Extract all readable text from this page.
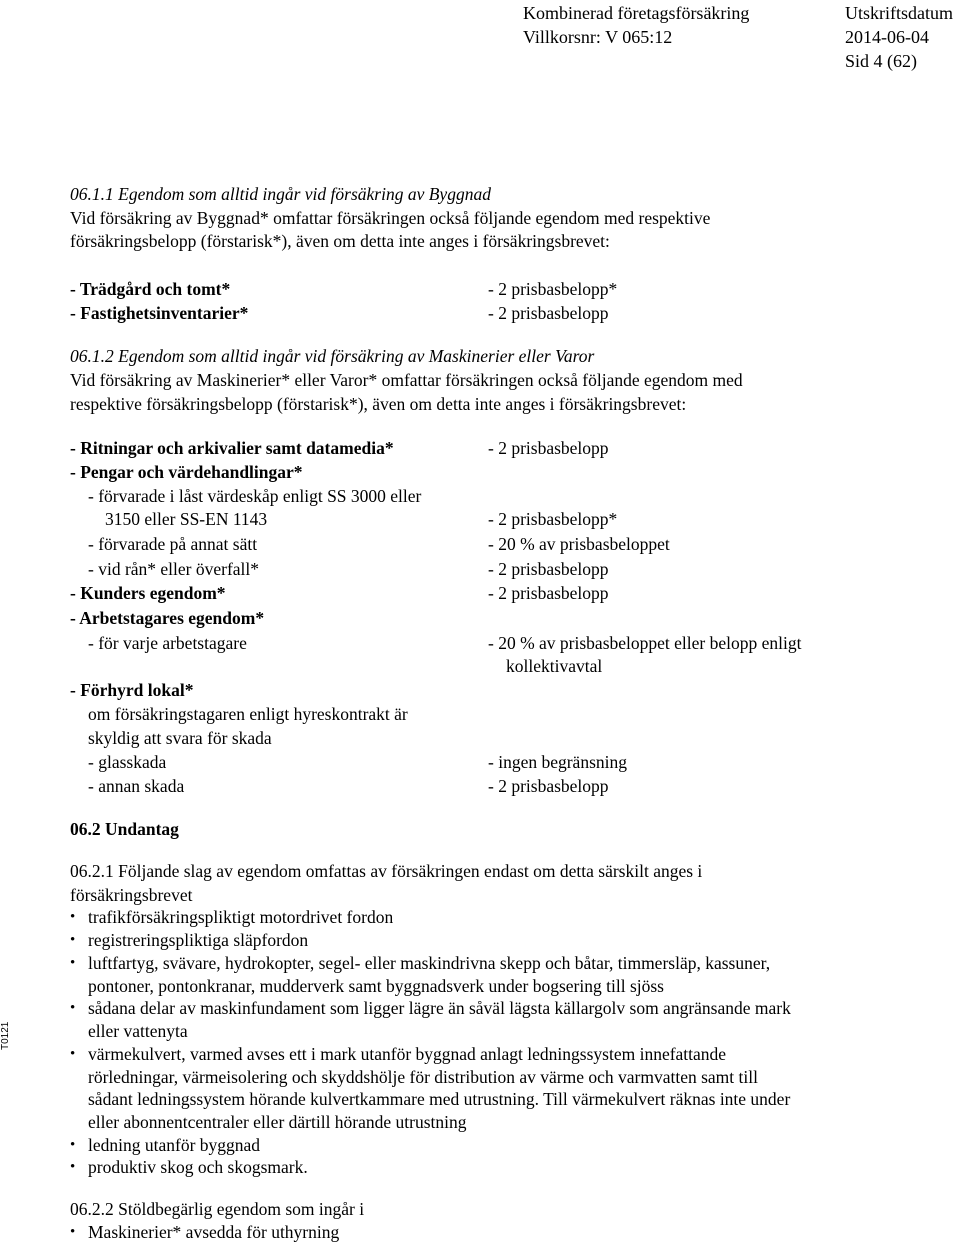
Kombinerad företagsförsäkring
Villkorsnr: V 065:12
Utskriftsdatum
2014-06-04
Sid 4 (62)
06.1.1 Egendom som alltid ingår vid försäkring av Byggnad
Vid försäkring av Byggnad* omfattar försäkringen också följande egendom med respektive
försäkringsbelopp (förstarisk*), även om detta inte anges i försäkringsbrevet:
- Trädgård och tomt*	- 2 prisbasbelopp*
- Fastighetsinventarier*	- 2 prisbasbelopp
06.1.2 Egendom som alltid ingår vid försäkring av Maskinerier eller Varor
Vid försäkring av Maskinerier* eller Varor* omfattar försäkringen också följande egendom med
respektive försäkringsbelopp (förstarisk*), även om detta inte anges i försäkringsbrevet:
- Ritningar och arkivalier samt datamedia*	- 2 prisbasbelopp
- Pengar och värdehandlingar*
- förvarade i låst värdeskåp enligt SS 3000 eller
3150 eller SS-EN 1143	- 2 prisbasbelopp*
- förvarade på annat sätt	- 20 % av prisbasbeloppet
- vid rån* eller överfall*	- 2 prisbasbelopp
- Kunders egendom*	- 2 prisbasbelopp
- Arbetstagares egendom*
- för varje arbetstagare	- 20 % av prisbasbeloppet eller belopp enligt
kollektivavtal
- Förhyrd lokal*
om försäkringstagaren enligt hyreskontrakt är
skyldig att svara för skada
- glasskada	- ingen begränsning
- annan skada	- 2 prisbasbelopp
06.2 Undantag
06.2.1 Följande slag av egendom omfattas av försäkringen endast om detta särskilt anges i
försäkringsbrevet
• trafikförsäkringspliktigt motordrivet fordon
• registreringspliktiga släpfordon
• luftfartyg, svävare, hydrokopter, segel- eller maskindrivna skepp och båtar, timmersläp, kassuner,
pontoner, pontonkranar, mudderverk samt byggnadsverk under bogsering till sjöss
• sådana delar av maskinfundament som ligger lägre än såväl lägsta källargolv som angränsande mark
eller vattenyta
• värmekulvert, varmed avses ett i mark utanför byggnad anlagt ledningssystem innefattande
rörledningar, värmeisolering och skyddshölje för distribution av värme och varmvatten samt till
sådant ledningssystem hörande kulvertkammare med utrustning. Till värmekulvert räknas inte under
eller abonnentcentraler eller därtill hörande utrustning
• ledning utanför byggnad
• produktiv skog och skogsmark.
06.2.2 Stöldbegärlig egendom som ingår i
• Maskinerier* avsedda för uthyrning
T0121
